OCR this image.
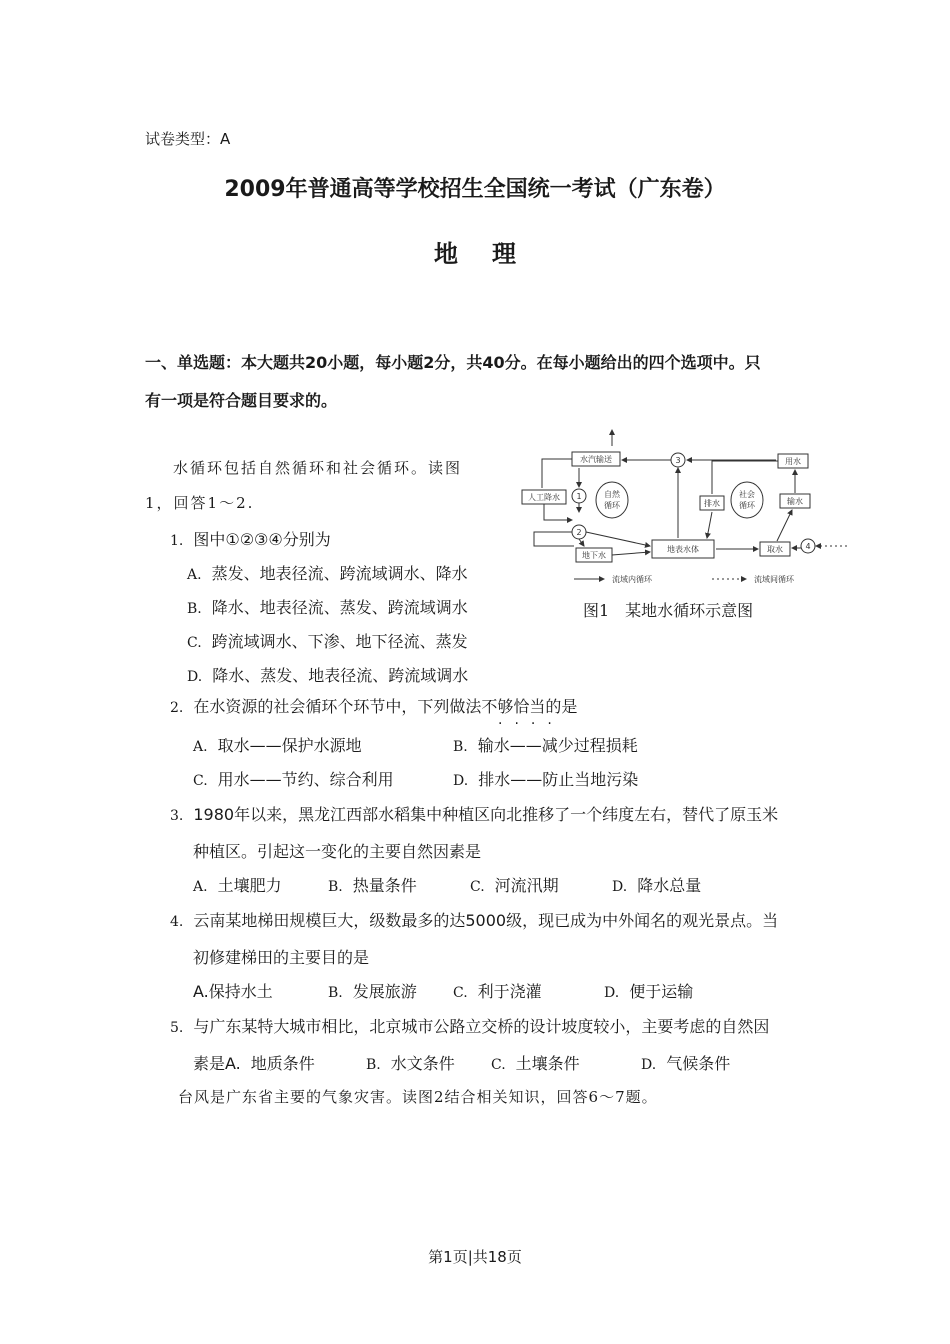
试卷类型：A
2009年普通高等学校招生全国统一考试（广东卷）
地理
一、单选题：本大题共20小题，每小题2分，共40分。在每小题给出的四个选项中。只
有一项是符合题目要求的。
水循环包括自然循环和社会循环。读图
1，回答1～2.
1. 图中①②③④分别为
A. 蒸发、地表径流、跨流域调水、降水
B. 降水、地表径流、蒸发、跨流域调水
C. 跨流域调水、下渗、地下径流、蒸发
D. 降水、蒸发、地表径流、跨流域调水
2. 在水资源的社会循环个环节中，下列做法不够恰当的是
····
A. 取水——保护水源地	B. 输水——减少过程损耗
C. 用水——节约、综合利用	D. 排水——防止当地污染
3. 1980年以来，黑龙江西部水稻集中种植区向北推移了一个纬度左右，替代了原玉米
种植区。引起这一变化的主要自然因素是
A. 土壤肥力	B. 热量条件	C. 河流汛期	D. 降水总量
4. 云南某地梯田规模巨大，级数最多的达5000级，现已成为中外闻名的观光景点。当
初修建梯田的主要目的是
A.保持水土	B. 发展旅游	C. 利于浇灌	D. 便于运输
5. 与广东某特大城市相比，北京城市公路立交桥的设计坡度较小，主要考虑的自然因
素是A. 地质条件	B. 水文条件	C. 土壤条件	D. 气候条件
台风是广东省主要的气象灾害。读图2结合相关知识，回答6～7题。
水汽输送	3	用水
人工降水 1	自然
循环
2
地下水
地表水体
排水
社会
循环	输水
取水	4
流域内循环	流域间循环
图1　某地水循环示意图
第1页|共18页
